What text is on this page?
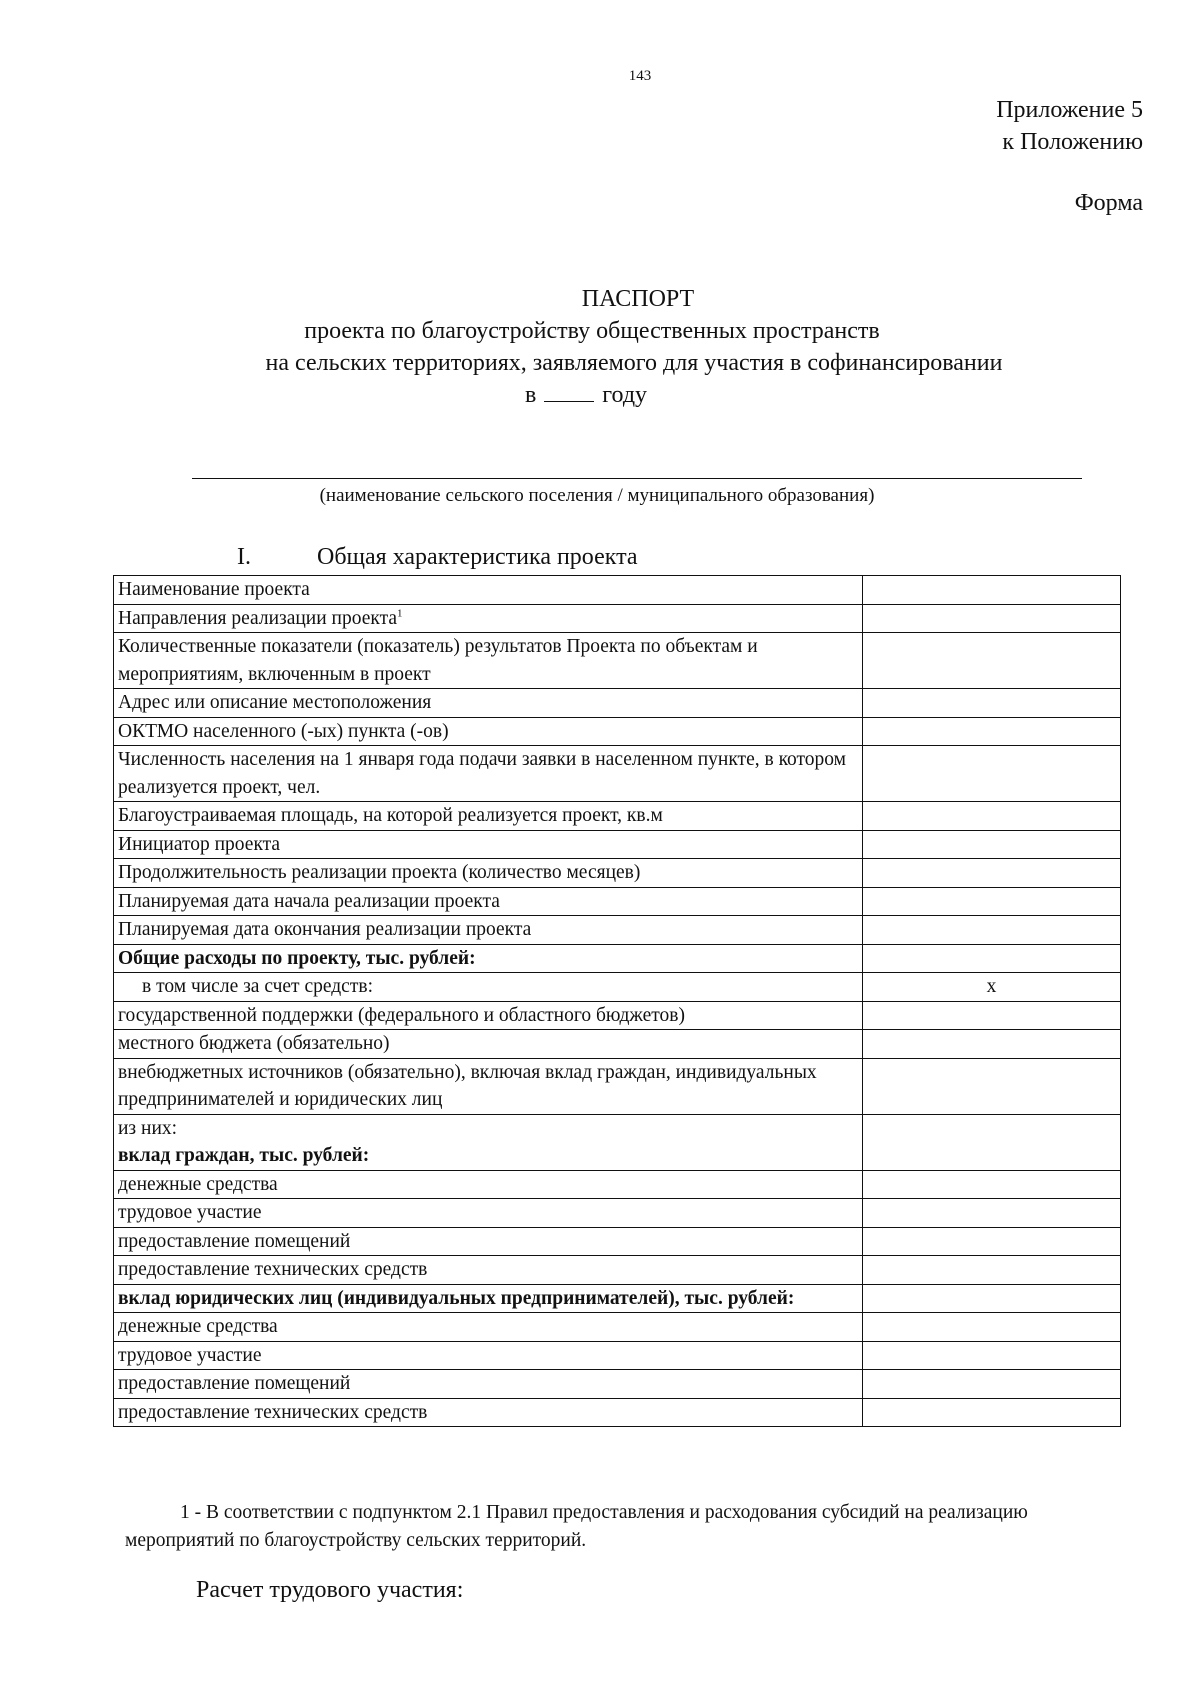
143
Приложение 5
к Положению
Форма
ПАСПОРТ
проекта по благоустройству общественных пространств
на сельских территориях, заявляемого для участия в софинансировании
в	году
(наименование сельского поселения / муниципального образования)
I.	Общая характеристика проекта
Наименование проекта	
Направления реализации проекта$^1$	
Количественные показатели (показатель) результатов Проекта по объектам и мероприятиям, включенным в проект	
Адрес или описание местоположения	
ОКТМО населенного (-ых) пункта (-ов)	
Численность населения на 1 января года подачи заявки в населенном пункте, в котором реализуется проект, чел.	
Благоустраиваемая площадь, на которой реализуется проект, кв.м	
Инициатор проекта	
Продолжительность реализации проекта (количество месяцев)	
Планируемая дата начала реализации проекта	
Планируемая дата окончания реализации проекта	
Общие расходы по проекту, тыс. рублей:	
в том числе за счет средств:	x
государственной поддержки (федерального и областного бюджетов)	
местного бюджета (обязательно)	
внебюджетных источников (обязательно), включая вклад граждан, индивидуальных предпринимателей и юридических лиц	
из них:
вклад граждан, тыс. рублей:	
денежные средства	
трудовое участие	
предоставление помещений	
предоставление технических средств	
вклад юридических лиц (индивидуальных предпринимателей), тыс. рублей:	
денежные средства	
трудовое участие	
предоставление помещений	
предоставление технических средств	
1 - В соответствии с подпунктом 2.1 Правил предоставления и расходования субсидий на реализацию мероприятий по благоустройству сельских территорий.
Расчет трудового участия:
